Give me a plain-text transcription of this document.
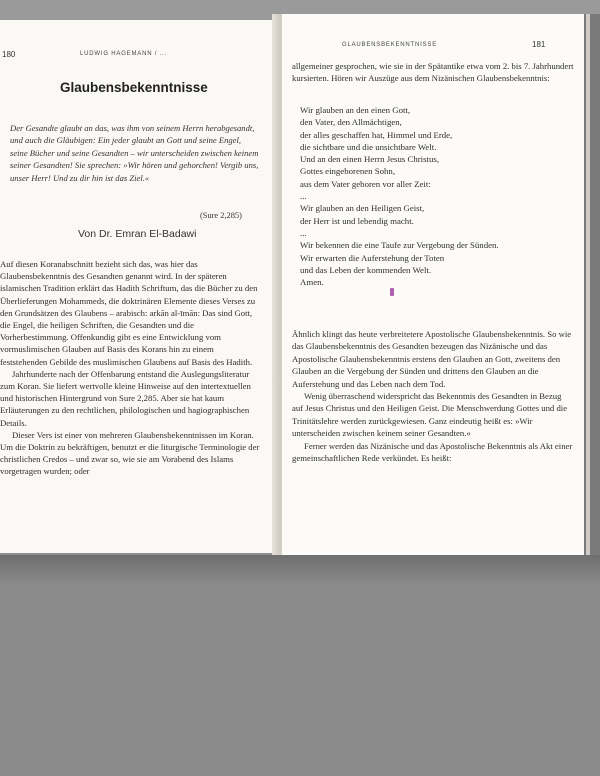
180	LUDWIG HAGEMANN / ...
Glaubensbekenntnisse

Der Gesandte glaubt an das, was ihm von seinem Herrn herabgesandt, und auch die Gläubigen: Ein jeder glaubt an Gott und seine Engel, seine Bücher und seine Gesandten – wir unterscheiden zwischen keinem seiner Gesandten! Sie sprechen: »Wir hören und gehorchen! Vergib uns, unser Herr! Und zu dir hin ist das Ziel.«

(Sure 2,285)
Von Dr. Emran El-Badawi

Auf diesen Koranabschnitt bezieht sich das, was hier das Glaubensbekenntnis des Gesandten genannt wird. In der späteren islamischen Tradition erklärt das Hadith Schriftum, das die Bücher zu den Überlieferungen Mohammeds, die doktrinären Elemente dieses Verses zu den Grundsätzen des Glaubens – arabisch: arkān al-īmān: Das sind Gott, die Engel, die heiligen Schriften, die Gesandten und die Vorherbestimmung. Offenkundig gibt es eine Entwicklung vom vormuslimischen Glauben auf Basis des Korans hin zu einem feststehenden Gebilde des muslimischen Glaubens auf Basis des Hadith.

Jahrhunderte nach der Offenbarung entstand die Auslegungsliteratur zum Koran. Sie liefert wertvolle kleine Hinweise auf den intertextuellen und historischen Hintergrund von Sure 2,285. Aber sie hat kaum Erläuterungen zu den rechtlichen, philologischen und hagiographischen Details.

Dieser Vers ist einer von mehreren Glaubensbekenntnissen im Koran. Um die Doktrin zu bekräftigen, benutzt er die liturgische Terminologie der christlichen Credos – und zwar so, wie sie am Vorabend des Islams vorgetragen wurden; oder

GLAUBENSBEKENNTNISSE	181

allgemeiner gesprochen, wie sie in der Spätantike etwa vom 2. bis 7. Jahrhundert kursierten. Hören wir Auszüge aus dem Nizänischen Glaubensbekenntnis:

Wir glauben an den einen Gott,
den Vater, den Allmächtigen,
der alles geschaffen hat, Himmel und Erde,
die sichtbare und die unsichtbare Welt.
Und an den einen Herrn Jesus Christus,
Gottes eingeborenen Sohn,
aus dem Vater geboren vor aller Zeit:
...
Wir glauben an den Heiligen Geist,
der Herr ist und lebendig macht.
...
Wir bekennen die eine Taufe zur Vergebung der Sünden.
Wir erwarten die Auferstehung der Toten
und das Leben der kommenden Welt.
Amen.

Ähnlich klingt das heute verbreitetere Apostolische Glaubensbekenntnis. So wie das Glaubensbekenntnis des Gesandten bezeugen das Nizänische und das Apostolische Glaubensbekenntnis erstens den Glauben an Gott, zweitens den Glauben an die Vergebung der Sünden und drittens den Glauben an die Auferstehung und das Leben nach dem Tod.

Wenig überraschend widerspricht das Bekenntnis des Gesandten in Bezug auf Jesus Christus und den Heiligen Geist. Die Menschwerdung Gottes und die Trinitätslehre werden zurückgewiesen. Ganz eindeutig heißt es: »Wir unterscheiden zwischen keinem seiner Gesandten.«

Ferner werden das Nizänische und das Apostolische Bekenntnis als Akt einer gemeinschaftlichen Rede verkündet. Es heißt:
